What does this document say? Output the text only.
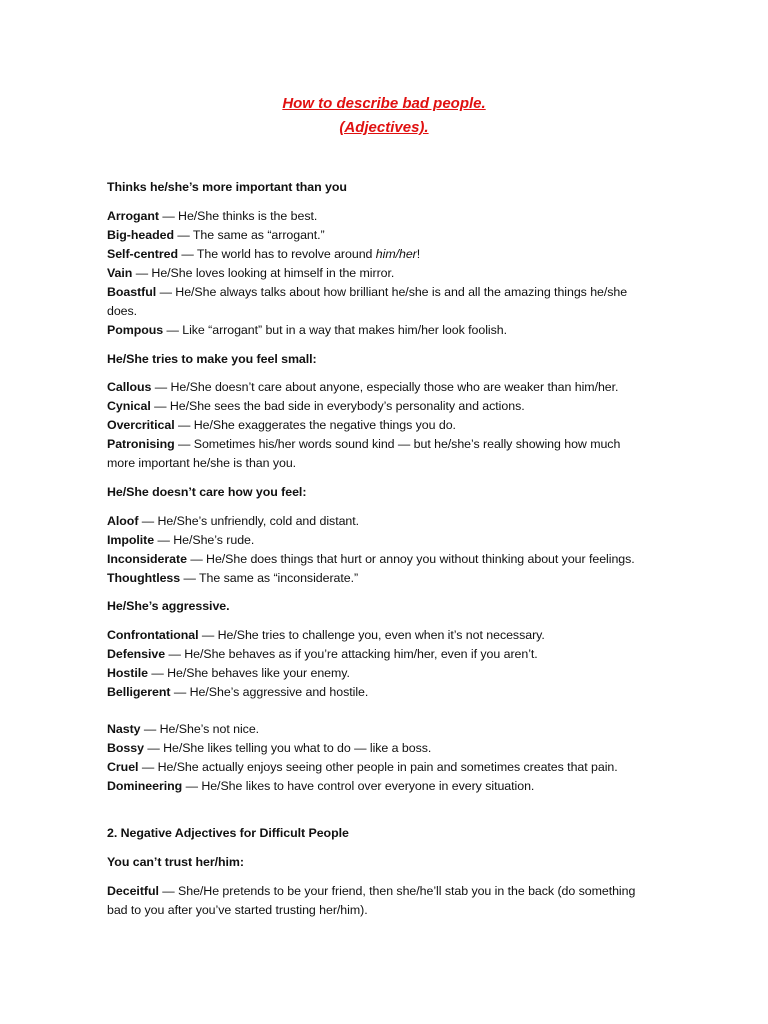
How to describe bad people.
(Adjectives).
Thinks he/she’s more important than you
Arrogant — He/She thinks is the best.
Big-headed — The same as “arrogant.”
Self-centred — The world has to revolve around him/her!
Vain — He/She loves looking at himself in the mirror.
Boastful — He/She always talks about how brilliant he/she is and all the amazing things he/she
does.
Pompous — Like “arrogant” but in a way that makes him/her look foolish.
He/She tries to make you feel small:
Callous — He/She doesn’t care about anyone, especially those who are weaker than him/her.
Cynical — He/She sees the bad side in everybody’s personality and actions.
Overcritical — He/She exaggerates the negative things you do.
Patronising — Sometimes his/her words sound kind — but he/she’s really showing how much
more important he/she is than you.
He/She doesn’t care how you feel:
Aloof — He/She’s unfriendly, cold and distant.
Impolite — He/She’s rude.
Inconsiderate — He/She does things that hurt or annoy you without thinking about your feelings.
Thoughtless — The same as “inconsiderate.”
He/She’s aggressive.
Confrontational — He/She tries to challenge you, even when it’s not necessary.
Defensive — He/She behaves as if you’re attacking him/her, even if you aren’t.
Hostile — He/She behaves like your enemy.
Belligerent — He/She’s aggressive and hostile.
Nasty — He/She’s not nice.
Bossy — He/She likes telling you what to do — like a boss.
Cruel — He/She actually enjoys seeing other people in pain and sometimes creates that pain.
Domineering — He/She likes to have control over everyone in every situation.
2. Negative Adjectives for Difficult People
You can’t trust her/him:
Deceitful — She/He pretends to be your friend, then she/he’ll stab you in the back (do something
bad to you after you’ve started trusting her/him).
